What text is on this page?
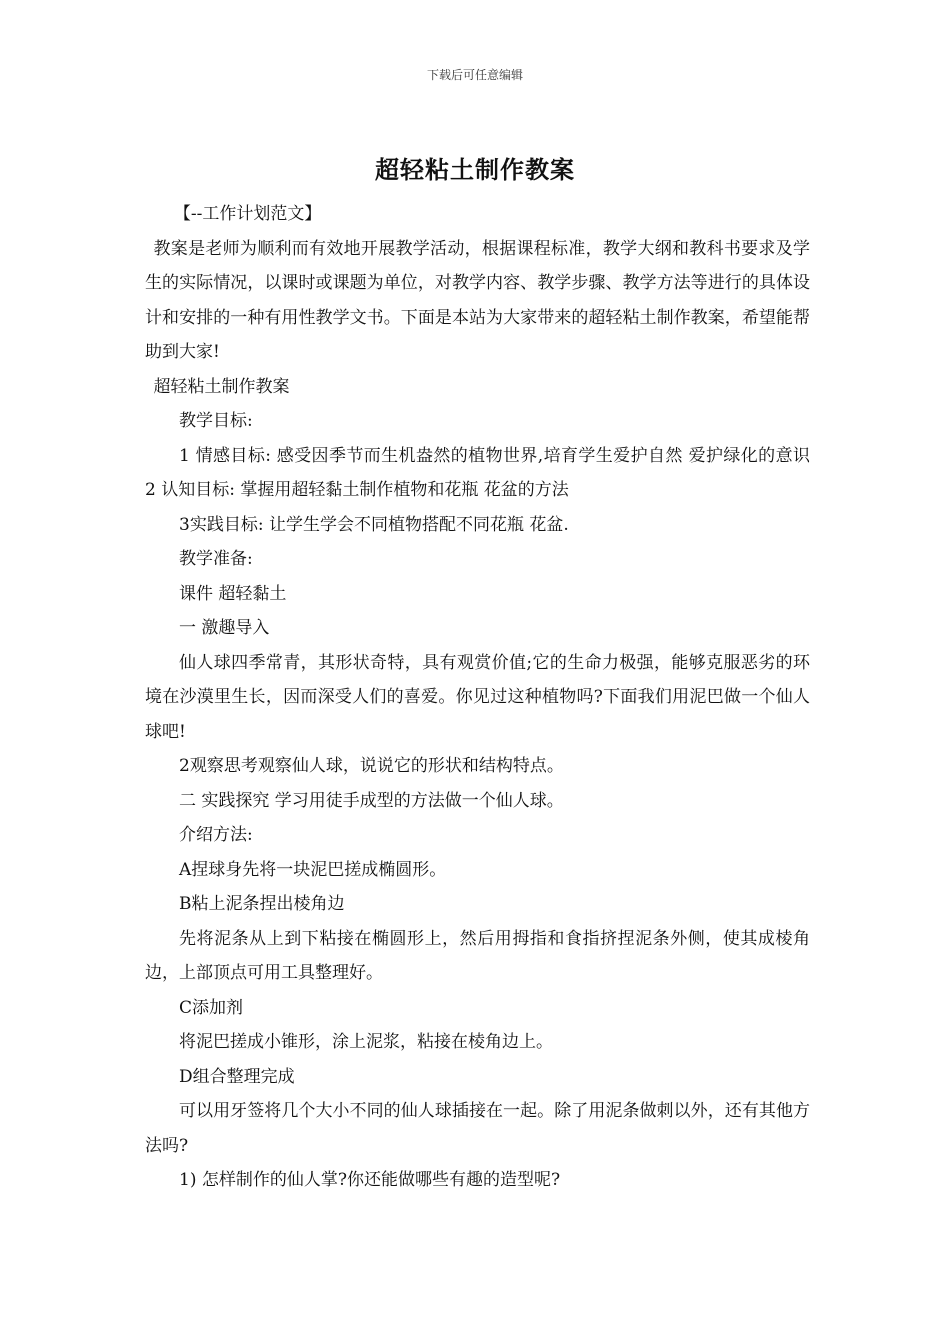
下载后可任意编辑
超轻粘土制作教案

【--工作计划范文】

教案是老师为顺利而有效地开展教学活动，根据课程标准，教学大纲和教科书要求及学生的实际情况，以课时或课题为单位，对教学内容、教学步骤、教学方法等进行的具体设计和安排的一种有用性教学文书。下面是本站为大家带来的超轻粘土制作教案，希望能帮助到大家!

超轻粘土制作教案

教学目标:

1 情感目标: 感受因季节而生机盎然的植物世界,培育学生爱护自然 爱护绿化的意识 2 认知目标: 掌握用超轻黏土制作植物和花瓶 花盆的方法

3实践目标: 让学生学会不同植物搭配不同花瓶 花盆.

教学准备:

课件 超轻黏土

一 激趣导入

仙人球四季常青，其形状奇特，具有观赏价值;它的生命力极强，能够克服恶劣的环境在沙漠里生长，因而深受人们的喜爱。你见过这种植物吗?下面我们用泥巴做一个仙人球吧!

2观察思考观察仙人球，说说它的形状和结构特点。

二 实践探究 学习用徒手成型的方法做一个仙人球。

介绍方法:

A捏球身先将一块泥巴搓成椭圆形。

B粘上泥条捏出棱角边

先将泥条从上到下粘接在椭圆形上，然后用拇指和食指挤捏泥条外侧，使其成棱角边，上部顶点可用工具整理好。

C添加剂

将泥巴搓成小锥形，涂上泥浆，粘接在棱角边上。

D组合整理完成

可以用牙签将几个大小不同的仙人球插接在一起。除了用泥条做刺以外，还有其他方法吗?

1) 怎样制作的仙人掌?你还能做哪些有趣的造型呢?
